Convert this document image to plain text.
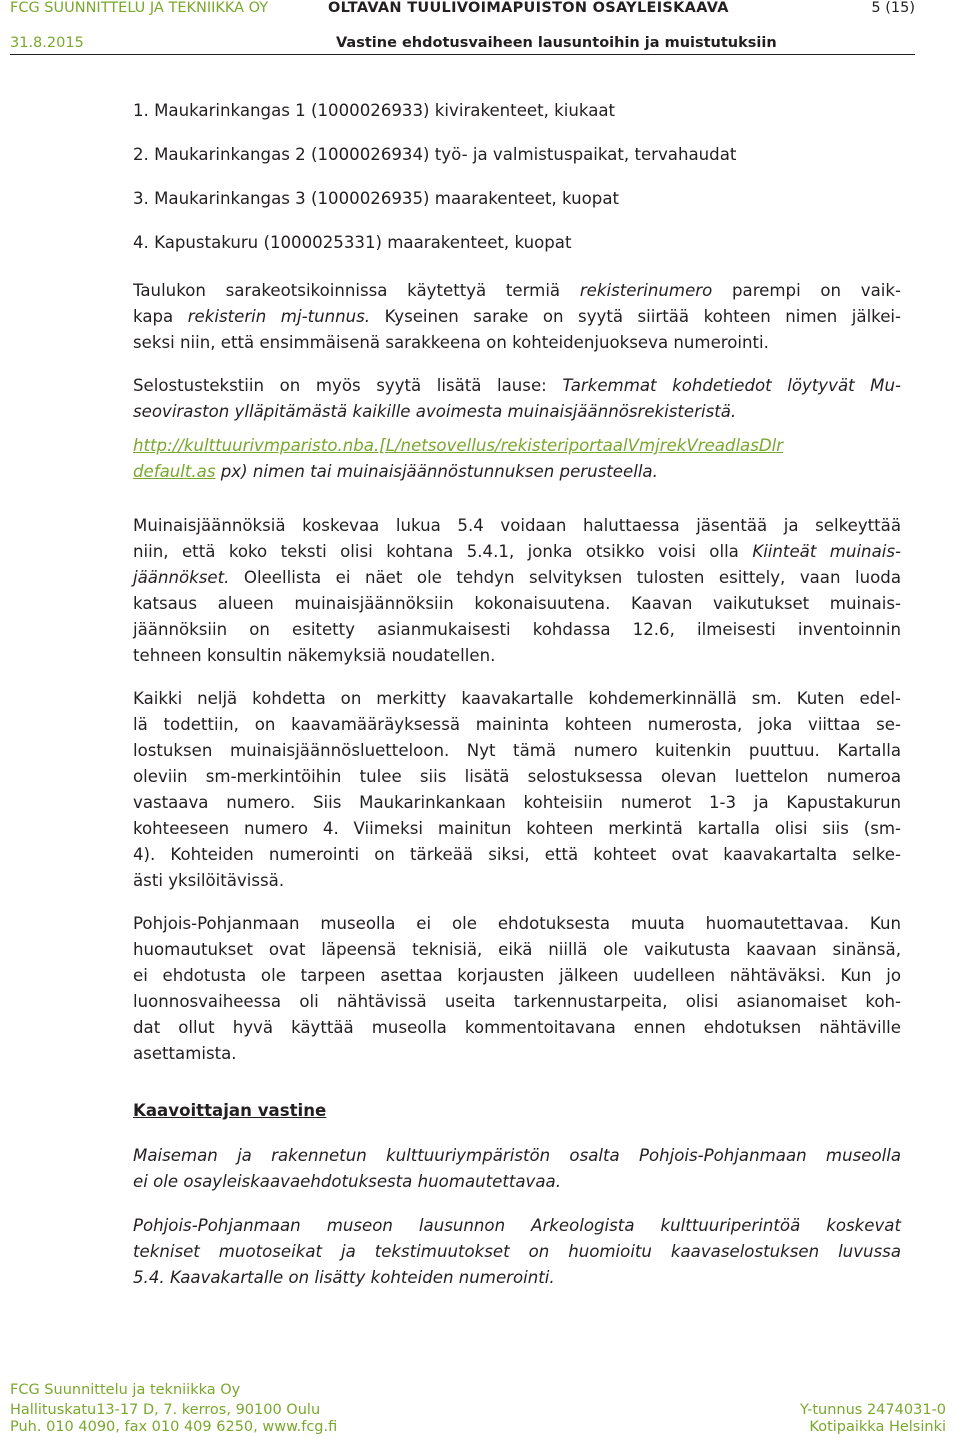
FCG SUUNNITTELU JA TEKNIIKKA OY	OLTAVAN TUULIVOIMAPUISTON OSAYLEISKAAVA	5 (15)
31.8.2015	Vastine ehdotusvaiheen lausuntoihin ja muistutuksiin
1. Maukarinkangas 1 (1000026933) kivirakenteet, kiukaat
2. Maukarinkangas 2 (1000026934) työ- ja valmistuspaikat, tervahaudat
3. Maukarinkangas 3 (1000026935) maarakenteet, kuopat
4. Kapustakuru (1000025331) maarakenteet, kuopat
Taulukon sarakeotsikoinnissa käytettyä termiä rekisterinumero parempi on vaik-
kapa rekisterin mj-tunnus. Kyseinen sarake on syytä siirtää kohteen nimen jälkei-
seksi niin, että ensimmäisenä sarakkeena on kohteidenjuokseva numerointi.
Selostustekstiin on myös syytä lisätä lause: Tarkemmat kohdetiedot löytyvät Mu-
seoviraston ylläpitämästä kaikille avoimesta muinaisjäännösrekisteristä.
http://kulttuurivmparisto.nba.[L/netsovellus/rekisteriportaalVmjrekVreadlasDlr
default.as px) nimen tai muinaisjäännöstunnuksen perusteella.
Muinaisjäännöksiä koskevaa lukua 5.4 voidaan haluttaessa jäsentää ja selkeyttää
niin, että koko teksti olisi kohtana 5.4.1, jonka otsikko voisi olla Kiinteät muinais-
jäännökset. Oleellista ei näet ole tehdyn selvityksen tulosten esittely, vaan luoda
katsaus alueen muinaisjäännöksiin kokonaisuutena. Kaavan vaikutukset muinais-
jäännöksiin on esitetty asianmukaisesti kohdassa 12.6, ilmeisesti inventoinnin
tehneen konsultin näkemyksiä noudatellen.
Kaikki neljä kohdetta on merkitty kaavakartalle kohdemerkinnällä sm. Kuten edel-
lä todettiin, on kaavamääräyksessä maininta kohteen numerosta, joka viittaa se-
lostuksen muinaisjäännösluetteloon. Nyt tämä numero kuitenkin puuttuu. Kartalla
oleviin sm-merkintöihin tulee siis lisätä selostuksessa olevan luettelon numeroa
vastaava numero. Siis Maukarinkankaan kohteisiin numerot 1-3 ja Kapustakurun
kohteeseen numero 4. Viimeksi mainitun kohteen merkintä kartalla olisi siis (sm-
4). Kohteiden numerointi on tärkeää siksi, että kohteet ovat kaavakartalta selke-
ästi yksilöitävissä.
Pohjois-Pohjanmaan museolla ei ole ehdotuksesta muuta huomautettavaa. Kun
huomautukset ovat läpeensä teknisiä, eikä niillä ole vaikutusta kaavaan sinänsä,
ei ehdotusta ole tarpeen asettaa korjausten jälkeen uudelleen nähtäväksi. Kun jo
luonnosvaiheessa oli nähtävissä useita tarkennustarpeita, olisi asianomaiset koh-
dat ollut hyvä käyttää museolla kommentoitavana ennen ehdotuksen nähtäville
asettamista.
Kaavoittajan vastine
Maiseman ja rakennetun kulttuuriympäristön osalta Pohjois-Pohjanmaan museolla
ei ole osayleiskaavaehdotuksesta huomautettavaa.
Pohjois-Pohjanmaan museon lausunnon Arkeologista kulttuuriperintöä koskevat
tekniset muotoseikat ja tekstimuutokset on huomioitu kaavaselostuksen luvussa
5.4. Kaavakartalle on lisätty kohteiden numerointi.
FCG Suunnittelu ja tekniikka Oy
Hallituskatu13-17 D, 7. kerros, 90100 Oulu	Y-tunnus 2474031-0
Puh. 010 4090, fax 010 409 6250, www.fcg.fi	Kotipaikka Helsinki
